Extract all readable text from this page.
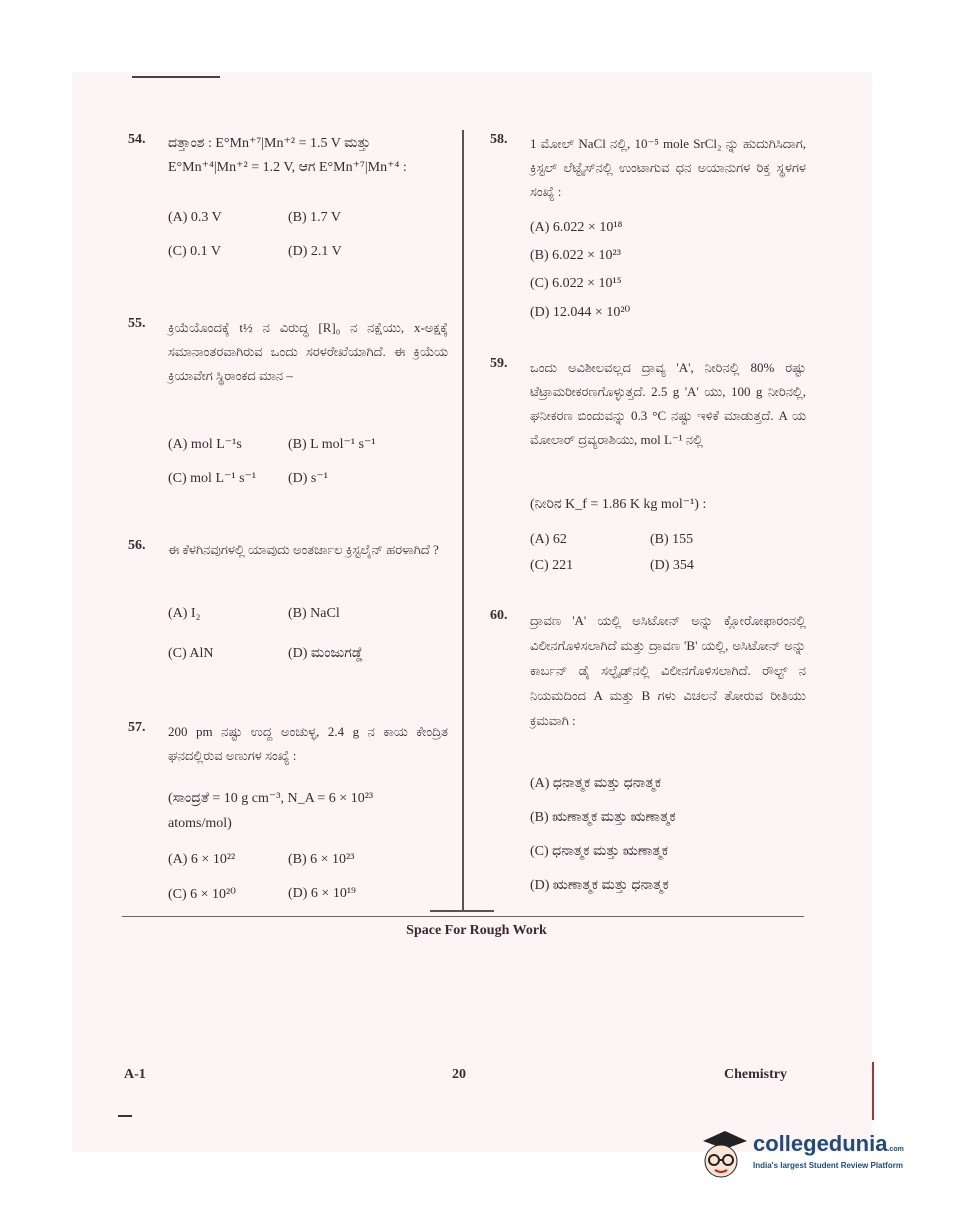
54. ದತ್ತಾಂಶ : E°Mn⁺⁷|Mn⁺² = 1.5 V ಮತ್ತು
E°Mn⁺⁴|Mn⁺² = 1.2 V, ಆಗ E°Mn⁺⁷|Mn⁺⁴ :
(A) 0.3 V	(B) 1.7 V
(C) 0.1 V	(D) 2.1 V
55. ಕ್ರಿಯೆಯೊಂದಕ್ಕೆ t½ ನ ವಿರುದ್ಧ [R]₀ ನ ನಕ್ಷೆಯು, x-ಅಕ್ಷಕ್ಕೆ ಸಮಾನಾಂತರವಾಗಿರುವ ಒಂದು ಸರಳರೇಖೆಯಾಗಿದೆ. ಈ ಕ್ರಿಯೆಯ ಕ್ರಿಯಾವೇಗ ಸ್ಥಿರಾಂಕದ ಮಾನ –
(A) mol L⁻¹s	(B) L mol⁻¹ s⁻¹
(C) mol L⁻¹ s⁻¹ (D) s⁻¹
56. ಈ ಕೆಳಗಿನವುಗಳಲ್ಲಿ ಯಾವುದು ಅಂತರ್ಜಾಲ ಕ್ರಿಸ್ಟಲೈನ್ ಹರಳಾಗಿದೆ ?
(A) I₂	(B) NaCl
(C) AlN	(D) ಮಂಜುಗಡ್ಡೆ
57. 200 pm ನಷ್ಟು ಉದ್ದ ಅಂಚುಳ್ಳ, 2.4 g ನ ಕಾಯ ಕೇಂದ್ರಿತ ಘನದಲ್ಲಿರುವ ಅಣುಗಳ ಸಂಖ್ಯೆ :
(ಸಾಂದ್ರತೆ = 10 g cm⁻³, N_A = 6 × 10²³
atoms/mol)
(A) 6 × 10²²	(B) 6 × 10²³
(C) 6 × 10²⁰	(D) 6 × 10¹⁹
58. 1 ಮೋಲ್ NaCl ನಲ್ಲಿ, 10⁻⁵ mole SrCl₂ ನ್ನು ಹುದುಗಿಸಿದಾಗ, ಕ್ರಿಸ್ಟಲ್ ಲೆಟ್ಟೈಸ್‌ನಲ್ಲಿ ಉಂಟಾಗುವ ಧನ ಅಯಾನುಗಳ ರಿಕ್ತ ಸ್ಥಳಗಳ ಸಂಖ್ಯೆ :
(A) 6.022 × 10¹⁸
(B) 6.022 × 10²³
(C) 6.022 × 10¹⁵
(D) 12.044 × 10²⁰
59. ಒಂದು ಅವಿಶೀಲವಲ್ಲದ ದ್ರಾವ್ಯ 'A', ನೀರಿನಲ್ಲಿ 80% ರಷ್ಟು ಟೆಟ್ರಾಮರೀಕರಣಗೊಳ್ಳುತ್ತದೆ. 2.5 g 'A' ಯು, 100 g ನೀರಿನಲ್ಲಿ, ಘನೀಕರಣ ಬಿಂದುವನ್ನು 0.3 °C ನಷ್ಟು ಇಳಿಕೆ ಮಾಡುತ್ತದೆ. A ಯ ಮೋಲಾರ್ ದ್ರವ್ಯರಾಶಿಯು, mol L⁻¹ ನಲ್ಲಿ
(ನೀರಿನ K_f = 1.86 K kg mol⁻¹) :
(A) 62	(B) 155
(C) 221	(D) 354
60. ದ್ರಾವಣ 'A' ಯಲ್ಲಿ ಅಸಿಟೋನ್ ಅನ್ನು ಕ್ಲೋರೋಫಾರಂನಲ್ಲಿ ವಿಲೀನಗೊಳಿಸಲಾಗಿದೆ ಮತ್ತು ದ್ರಾವಣ 'B' ಯಲ್ಲಿ, ಅಸಿಟೋನ್ ಅನ್ನು ಕಾರ್ಬನ್ ಡೈ ಸಲ್ಫೈಡ್‌ನಲ್ಲಿ ವಿಲೀನಗೊಳಿಸಲಾಗಿದೆ. ರೌಲ್ಟ್ ನ ನಿಯಮದಿಂದ A ಮತ್ತು B ಗಳು ವಿಚಲನೆ ತೋರುವ ರೀತಿಯು ಕ್ರಮವಾಗಿ :
(A) ಧನಾತ್ಮಕ ಮತ್ತು ಧನಾತ್ಮಕ
(B) ಋಣಾತ್ಮಕ ಮತ್ತು ಋಣಾತ್ಮಕ
(C) ಧನಾತ್ಮಕ ಮತ್ತು ಋಣಾತ್ಮಕ
(D) ಋಣಾತ್ಮಕ ಮತ್ತು ಧನಾತ್ಮಕ
Space For Rough Work
A-1	20	Chemistry
collegedunia.com
India's largest Student Review Platform
